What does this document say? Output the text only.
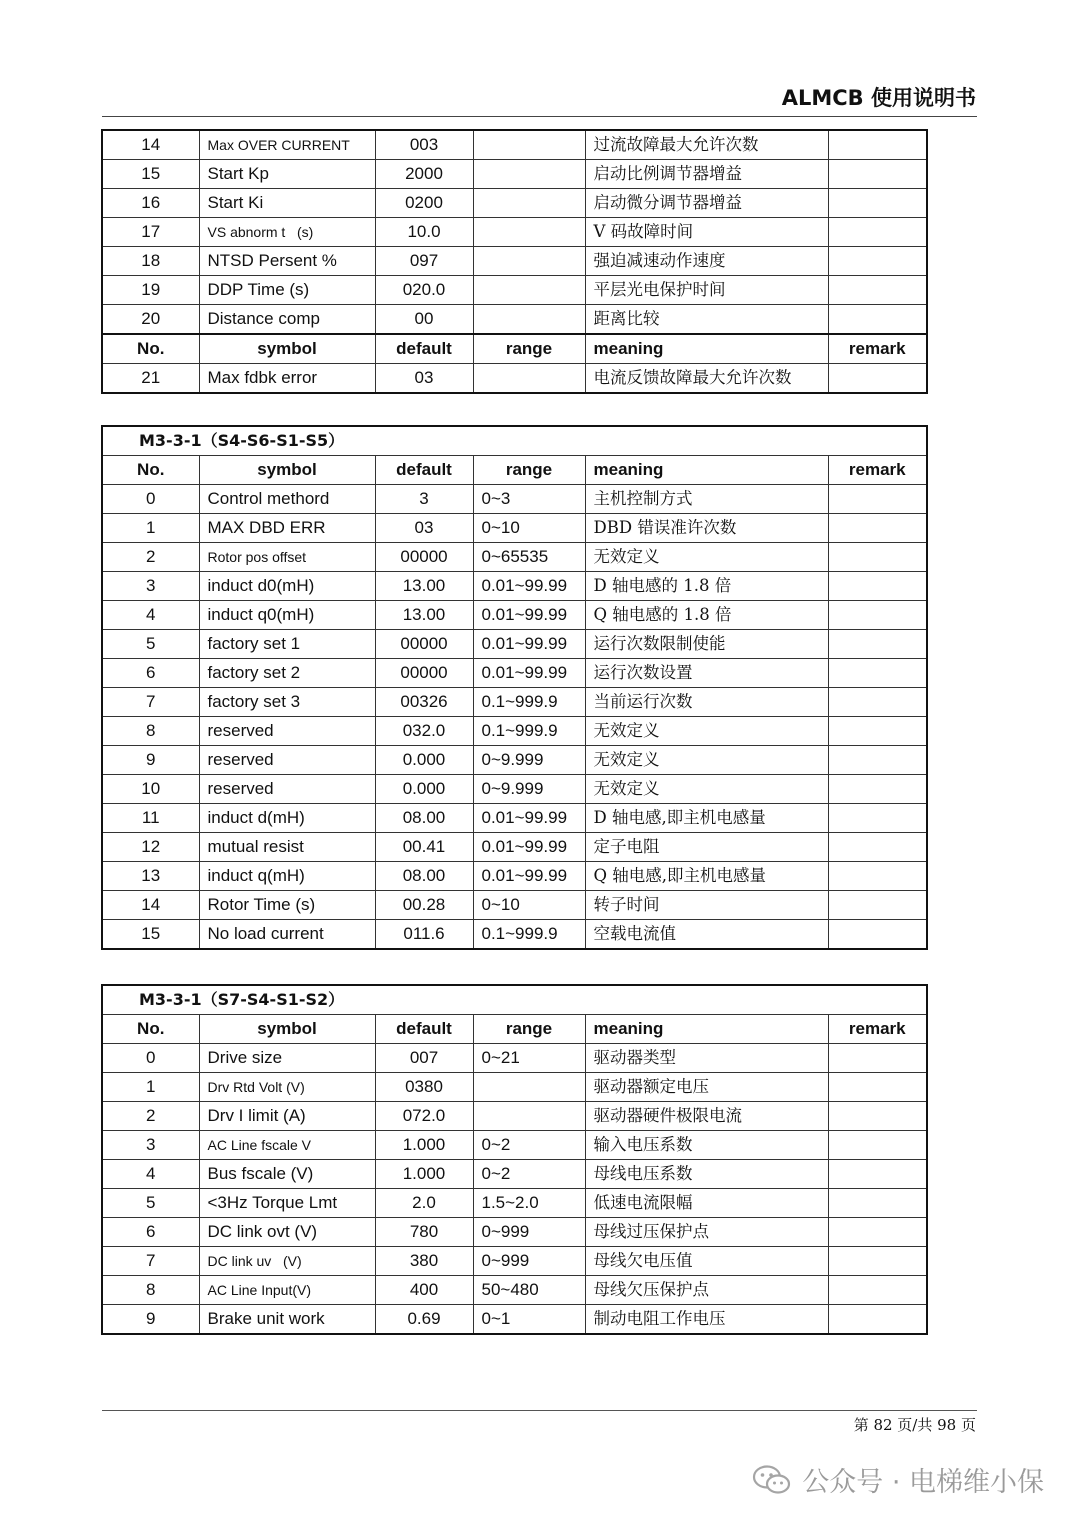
ALMCB 使用说明书
14	Max OVER CURRENT	003		过流故障最大允许次数	
15	Start Kp	2000		启动比例调节器增益	
16	Start Ki	0200		启动微分调节器增益	
17	VS abnorm t   (s)	10.0		V 码故障时间	
18	NTSD Persent %	097		强迫减速动作速度	
19	DDP Time (s)	020.0		平层光电保护时间	
20	Distance comp	00		距离比较	
No.	symbol	default	range	meaning	remark
21	Max fdbk error	03		电流反馈故障最大允许次数	
M3-3-1（S4-S6-S1-S5）					
No.	symbol	default	range	meaning	remark
0	Control methord	3	0~3	主机控制方式	
1	MAX DBD ERR	03	0~10	DBD 错误准许次数	
2	Rotor pos offset	00000	0~65535	无效定义	
3	induct d0(mH)	13.00	0.01~99.99	D 轴电感的 1.8 倍	
4	induct q0(mH)	13.00	0.01~99.99	Q 轴电感的 1.8 倍	
5	factory set 1	00000	0.01~99.99	运行次数限制使能	
6	factory set 2	00000	0.01~99.99	运行次数设置	
7	factory set 3	00326	0.1~999.9	当前运行次数	
8	reserved	032.0	0.1~999.9	无效定义	
9	reserved	0.000	0~9.999	无效定义	
10	reserved	0.000	0~9.999	无效定义	
11	induct d(mH)	08.00	0.01~99.99	D 轴电感,即主机电感量	
12	mutual resist	00.41	0.01~99.99	定子电阻	
13	induct q(mH)	08.00	0.01~99.99	Q 轴电感,即主机电感量	
14	Rotor Time (s)	00.28	0~10	转子时间	
15	No load current	011.6	0.1~999.9	空载电流值	
M3-3-1（S7-S4-S1-S2）					
No.	symbol	default	range	meaning	remark
0	Drive size	007	0~21	驱动器类型	
1	Drv Rtd Volt (V)	0380		驱动器额定电压	
2	Drv I limit (A)	072.0		驱动器硬件极限电流	
3	AC Line fscale V	1.000	0~2	输入电压系数	
4	Bus fscale (V)	1.000	0~2	母线电压系数	
5	<3Hz Torque Lmt	2.0	1.5~2.0	低速电流限幅	
6	DC link ovt (V)	780	0~999	母线过压保护点	
7	DC link uv   (V)	380	0~999	母线欠电压值	
8	AC Line Input(V)	400	50~480	母线欠压保护点	
9	Brake unit work	0.69	0~1	制动电阻工作电压	
第 82 页/共 98 页
公众号 · 电梯维小保
